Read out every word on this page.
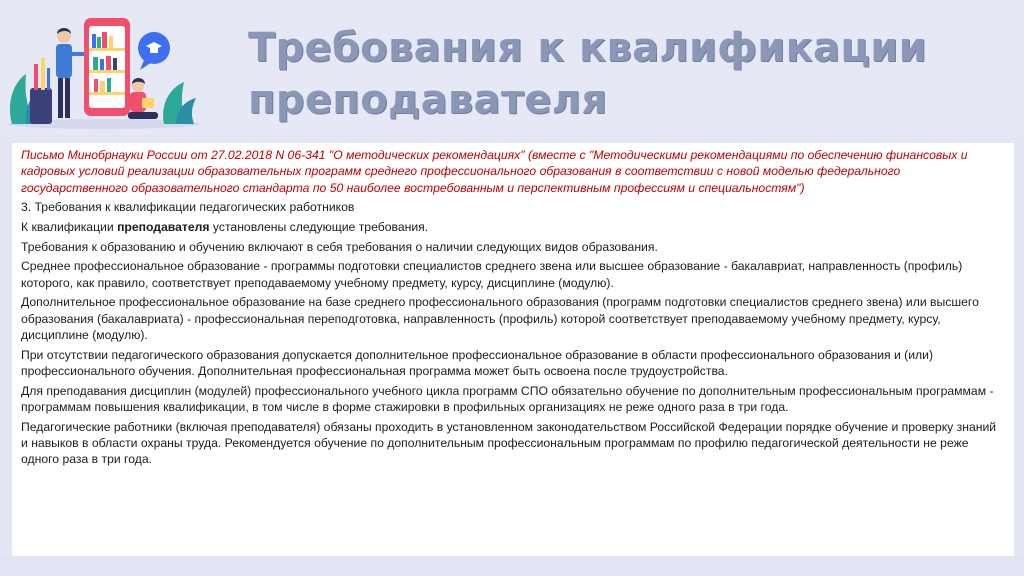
Требования к квалификации
преподавателя

Письмо Минобрнауки России от 27.02.2018 N 06-341 "О методических рекомендациях" (вместе с "Методическими рекомендациями по обеспечению финансовых и кадровых условий реализации образовательных программ среднего профессионального образования в соответствии с новой моделью федерального государственного образовательного стандарта по 50 наиболее востребованным и перспективным профессиям и специальностям")

3. Требования к квалификации педагогических работников

К квалификации преподавателя установлены следующие требования.

Требования к образованию и обучению включают в себя требования о наличии следующих видов образования.

Среднее профессиональное образование - программы подготовки специалистов среднего звена или высшее образование - бакалавриат, направленность (профиль) которого, как правило, соответствует преподаваемому учебному предмету, курсу, дисциплине (модулю).

Дополнительное профессиональное образование на базе среднего профессионального образования (программ подготовки специалистов среднего звена) или высшего образования (бакалавриата) - профессиональная переподготовка, направленность (профиль) которой соответствует преподаваемому учебному предмету, курсу, дисциплине (модулю).

При отсутствии педагогического образования допускается дополнительное профессиональное образование в области профессионального образования и (или) профессионального обучения. Дополнительная профессиональная программа может быть освоена после трудоустройства.

Для преподавания дисциплин (модулей) профессионального учебного цикла программ СПО обязательно обучение по дополнительным профессиональным программам - программам повышения квалификации, в том числе в форме стажировки в профильных организациях не реже одного раза в три года.

Педагогические работники (включая преподавателя) обязаны проходить в установленном законодательством Российской Федерации порядке обучение и проверку знаний и навыков в области охраны труда. Рекомендуется обучение по дополнительным профессиональным программам по профилю педагогической деятельности не реже одного раза в три года.
